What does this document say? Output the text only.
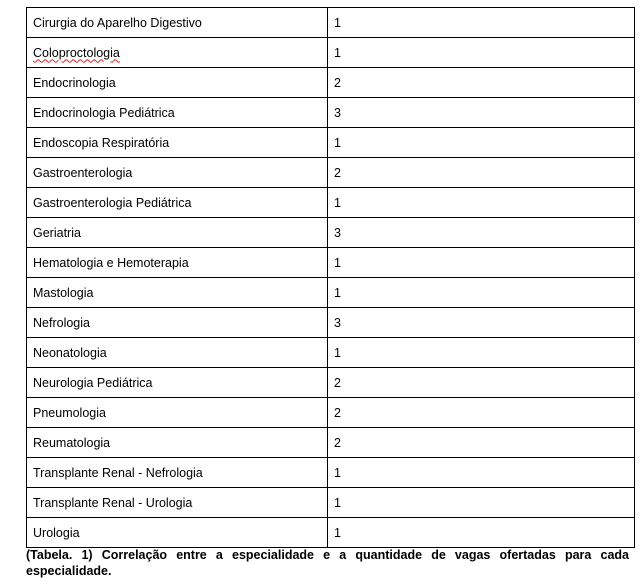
Cirurgia do Aparelho Digestivo	1
Coloproctologia	1
Endocrinologia	2
Endocrinologia Pediátrica	3
Endoscopia Respiratória	1
Gastroenterologia	2
Gastroenterologia Pediátrica	1
Geriatria	3
Hematologia e Hemoterapia	1
Mastologia	1
Nefrologia	3
Neonatologia	1
Neurologia Pediátrica	2
Pneumologia	2
Reumatologia	2
Transplante Renal - Nefrologia	1
Transplante Renal - Urologia	1
Urologia	1

(Tabela. 1) Correlação entre a especialidade e a quantidade de vagas ofertadas para cada especialidade.
